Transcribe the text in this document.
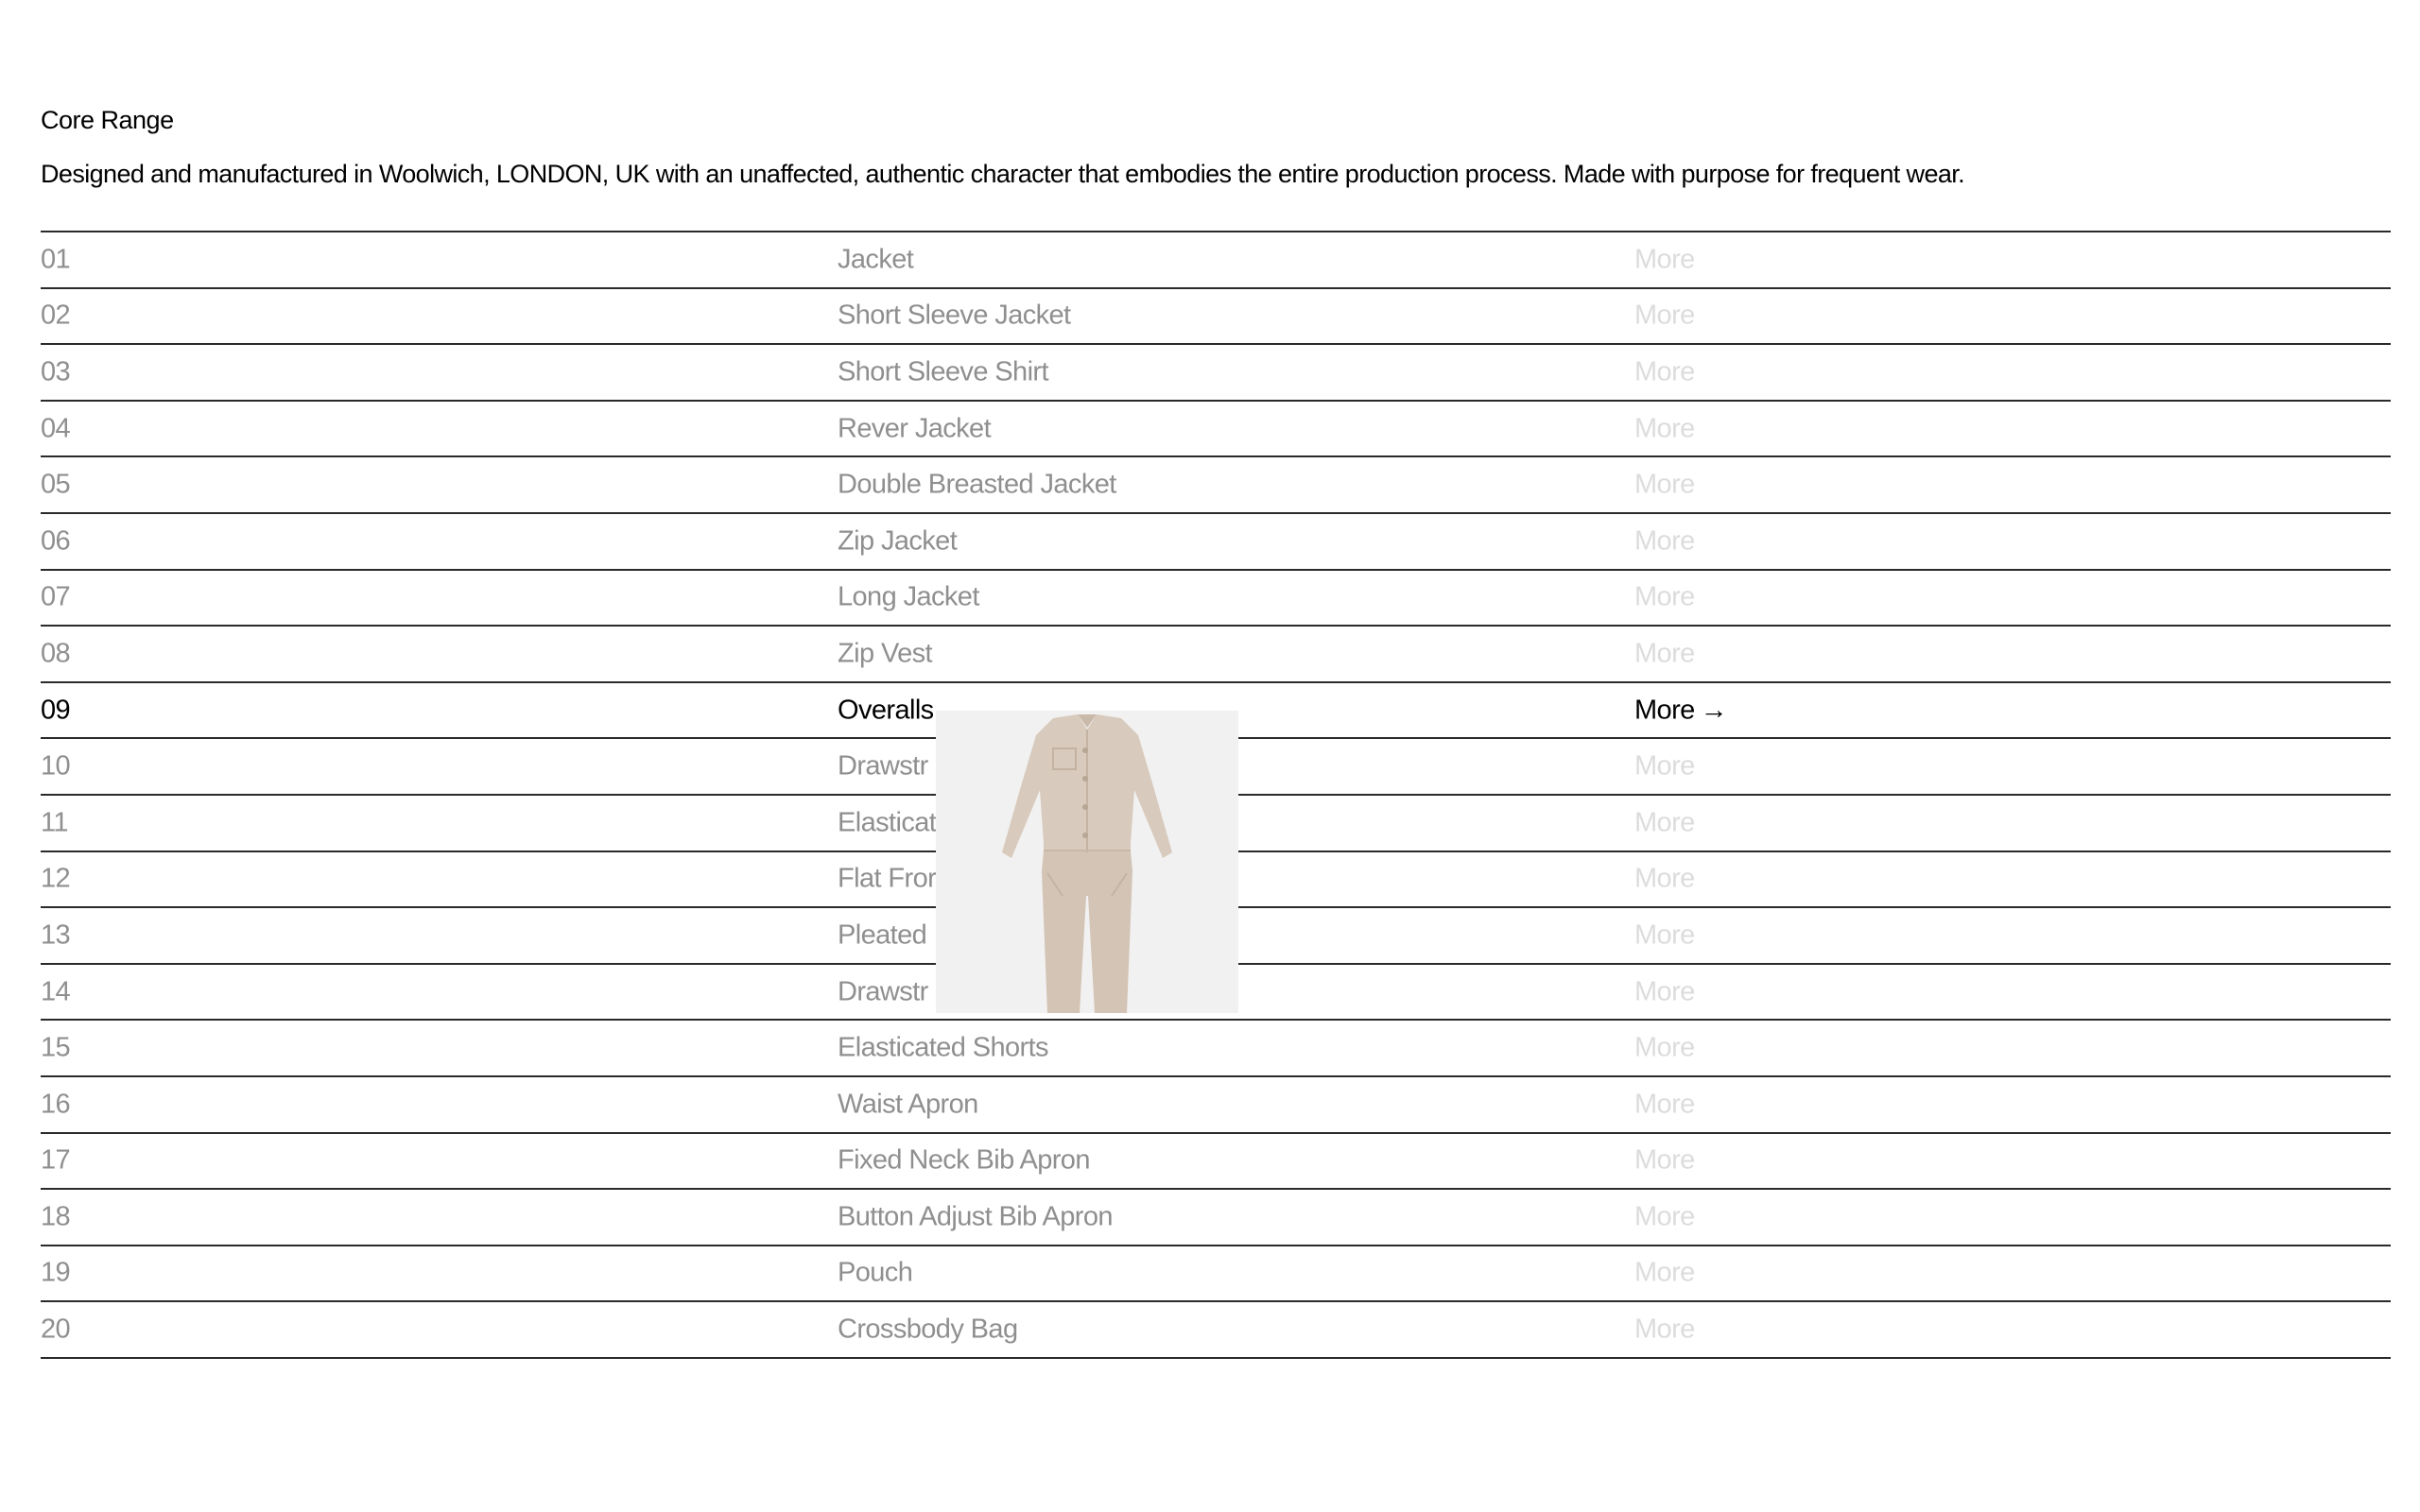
Core Range
Designed and manufactured in Woolwich, LONDON, UK with an unaffected, authentic character that embodies the entire production process. Made with purpose for frequent wear.
01	Jacket	More
02	Short Sleeve Jacket	More
03	Short Sleeve Shirt	More
04	Rever Jacket	More
05	Double Breasted Jacket	More
06	Zip Jacket	More
07	Long Jacket	More
08	Zip Vest	More
09	Overalls	More →
10	Drawstr	More
11	Elasticat	More
12	Flat Fror	More
13	Pleated	More
14	Drawstr	More
15	Elasticated Shorts	More
16	Waist Apron	More
17	Fixed Neck Bib Apron	More
18	Button Adjust Bib Apron	More
19	Pouch	More
20	Crossbody Bag	More
